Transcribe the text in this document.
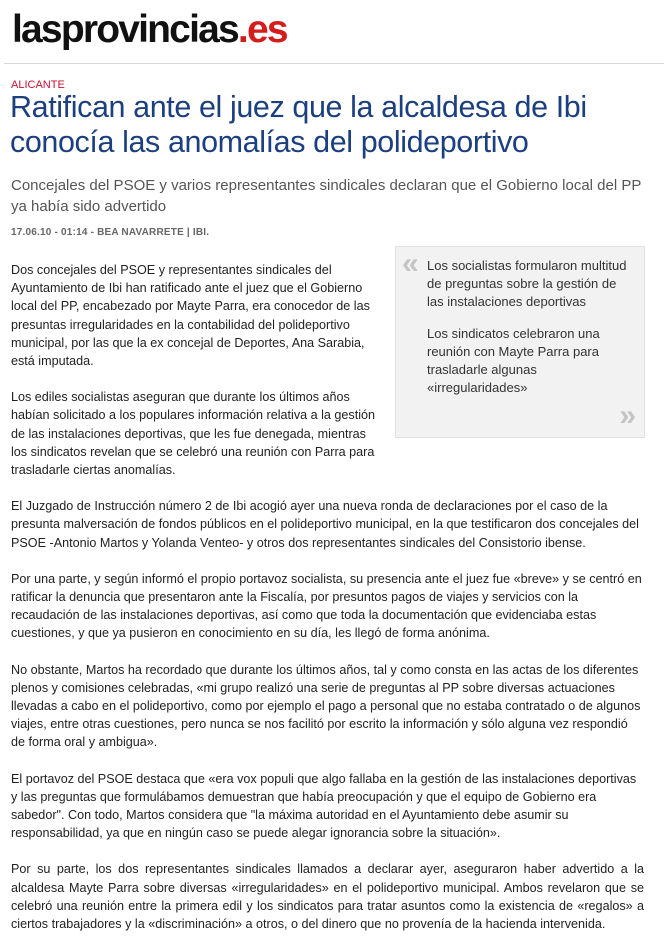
lasprovincias.es
ALICANTE
Ratifican ante el juez que la alcaldesa de Ibi conocía las anomalías del polideportivo

Concejales del PSOE y varios representantes sindicales declaran que el Gobierno local del PP ya había sido advertido

17.06.10 - 01:14 - BEA NAVARRETE | IBI.
« Los socialistas formularon multitud de preguntas sobre la gestión de las instalaciones deportivas

Los sindicatos celebraron una reunión con Mayte Parra para trasladarle algunas «irregularidades»

»

Dos concejales del PSOE y representantes sindicales del Ayuntamiento de Ibi han ratificado ante el juez que el Gobierno local del PP, encabezado por Mayte Parra, era conocedor de las presuntas irregularidades en la contabilidad del polideportivo municipal, por las que la ex concejal de Deportes, Ana Sarabia, está imputada.

Los ediles socialistas aseguran que durante los últimos años habían solicitado a los populares información relativa a la gestión de las instalaciones deportivas, que les fue denegada, mientras los sindicatos revelan que se celebró una reunión con Parra para trasladarle ciertas anomalías.

El Juzgado de Instrucción número 2 de Ibi acogió ayer una nueva ronda de declaraciones por el caso de la presunta malversación de fondos públicos en el polideportivo municipal, en la que testificaron dos concejales del PSOE -Antonio Martos y Yolanda Venteo- y otros dos representantes sindicales del Consistorio ibense.

Por una parte, y según informó el propio portavoz socialista, su presencia ante el juez fue «breve» y se centró en ratificar la denuncia que presentaron ante la Fiscalía, por presuntos pagos de viajes y servicios con la recaudación de las instalaciones deportivas, así como que toda la documentación que evidenciaba estas cuestiones, y que ya pusieron en conocimiento en su día, les llegó de forma anónima.

No obstante, Martos ha recordado que durante los últimos años, tal y como consta en las actas de los diferentes plenos y comisiones celebradas, «mi grupo realizó una serie de preguntas al PP sobre diversas actuaciones llevadas a cabo en el polideportivo, como por ejemplo el pago a personal que no estaba contratado o de algunos viajes, entre otras cuestiones, pero nunca se nos facilitó por escrito la información y sólo alguna vez respondió de forma oral y ambigua».

El portavoz del PSOE destaca que «era vox populi que algo fallaba en la gestión de las instalaciones deportivas y las preguntas que formulábamos demuestran que había preocupación y que el equipo de Gobierno era sabedor". Con todo, Martos considera que "la máxima autoridad en el Ayuntamiento debe asumir su responsabilidad, ya que en ningún caso se puede alegar ignorancia sobre la situación».

Por su parte, los dos representantes sindicales llamados a declarar ayer, aseguraron haber advertido a la alcaldesa Mayte Parra sobre diversas «irregularidades» en el polideportivo municipal. Ambos revelaron que se celebró una reunión entre la primera edil y los sindicatos para tratar asuntos como la existencia de «regalos» a ciertos trabajadores y la «discriminación» a otros, o del dinero que no provenía de la hacienda intervenida.
